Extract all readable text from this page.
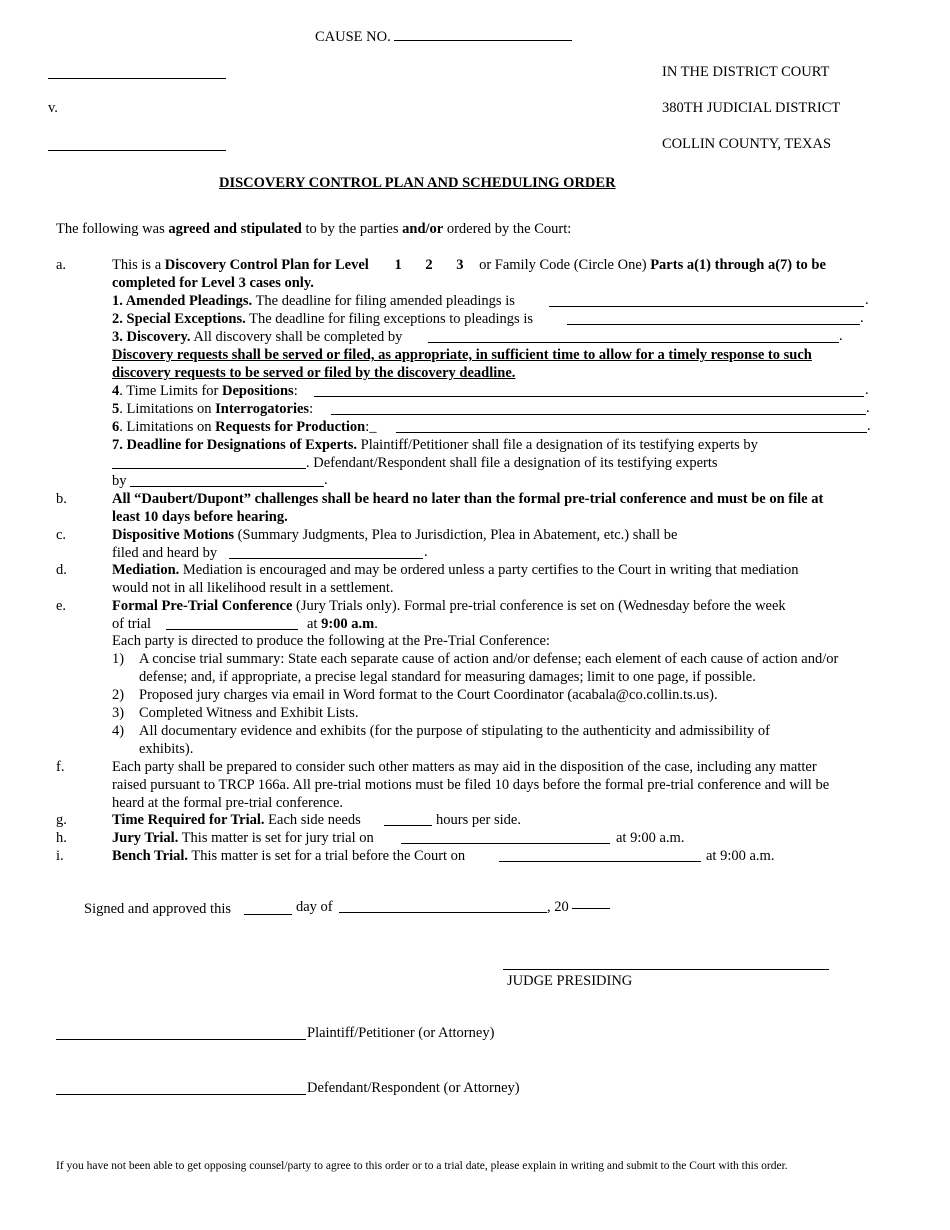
CAUSE NO.
v.
IN THE DISTRICT COURT
380TH JUDICIAL DISTRICT
COLLIN COUNTY, TEXAS
DISCOVERY CONTROL PLAN AND SCHEDULING ORDER
The following was agreed and stipulated to by the parties and/or ordered by the Court:
a.	This is a Discovery Control Plan for Level 1 2 3 or Family Code (Circle One) Parts a(1) through a(7) to be
completed for Level 3 cases only.
1. Amended Pleadings. The deadline for filing amended pleadings is	.
2. Special Exceptions. The deadline for filing exceptions to pleadings is	.
3. Discovery. All discovery shall be completed by	.
Discovery requests shall be served or filed, as appropriate, in sufficient time to allow for a timely response to such
discovery requests to be served or filed by the discovery deadline.
4. Time Limits for Depositions:	.
5. Limitations on Interrogatories:	.
6. Limitations on Requests for Production:_	.
7. Deadline for Designations of Experts. Plaintiff/Petitioner shall file a designation of its testifying experts by
. Defendant/Respondent shall file a designation of its testifying experts
by	.
b.	All “Daubert/Dupont” challenges shall be heard no later than the formal pre-trial conference and must be on file at
least 10 days before hearing.
c.	Dispositive Motions (Summary Judgments, Plea to Jurisdiction, Plea in Abatement, etc.) shall be
filed and heard by	.
d.	Mediation. Mediation is encouraged and may be ordered unless a party certifies to the Court in writing that mediation
would not in all likelihood result in a settlement.
e.	Formal Pre-Trial Conference (Jury Trials only). Formal pre-trial conference is set on (Wednesday before the week
of trial	at 9:00 a.m.
Each party is directed to produce the following at the Pre-Trial Conference:
1) A concise trial summary: State each separate cause of action and/or defense; each element of each cause of action and/or
defense; and, if appropriate, a precise legal standard for measuring damages; limit to one page, if possible.
2) Proposed jury charges via email in Word format to the Court Coordinator (acabala@co.collin.ts.us).
3) Completed Witness and Exhibit Lists.
4) All documentary evidence and exhibits (for the purpose of stipulating to the authenticity and admissibility of
exhibits).
f.	Each party shall be prepared to consider such other matters as may aid in the disposition of the case, including any matter
raised pursuant to TRCP 166a. All pre-trial motions must be filed 10 days before the formal pre-trial conference and will be
heard at the formal pre-trial conference.
g.	Time Required for Trial. Each side needs	hours per side.
h.	Jury Trial. This matter is set for jury trial on	at 9:00 a.m.
i.	Bench Trial. This matter is set for a trial before the Court on	at 9:00 a.m.
Signed and approved this	day of	, 20
JUDGE PRESIDING
Plaintiff/Petitioner (or Attorney)
Defendant/Respondent (or Attorney)
If you have not been able to get opposing counsel/party to agree to this order or to a trial date, please explain in writing and submit to the Court with this order.
